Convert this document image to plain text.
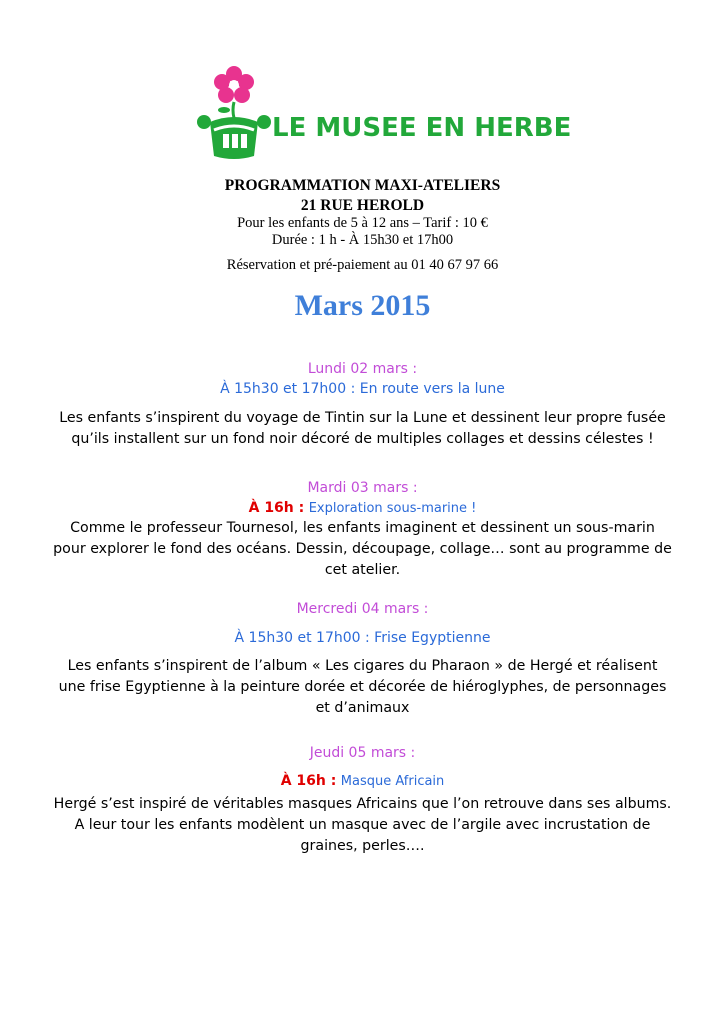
LE MUSEE EN HERBE
PROGRAMMATION MAXI-ATELIERS
21 RUE HEROLD
Pour les enfants de 5 à 12 ans – Tarif : 10 €
Durée : 1 h - À 15h30 et 17h00
Réservation et pré-paiement au 01 40 67 97 66
Mars 2015
Lundi 02 mars :
À 15h30 et 17h00 : En route vers la lune
Les enfants s’inspirent du voyage de Tintin sur la Lune et dessinent leur propre fusée
qu’ils installent sur un fond noir décoré de multiples collages et dessins célestes !
Mardi 03 mars :
À 16h : Exploration sous-marine !
Comme le professeur Tournesol, les enfants imaginent et dessinent un sous-marin
pour explorer le fond des océans. Dessin, découpage, collage… sont au programme de
cet atelier.
Mercredi 04 mars :
À 15h30 et 17h00 : Frise Egyptienne
Les enfants s’inspirent de l’album « Les cigares du Pharaon » de Hergé et réalisent
une frise Egyptienne à la peinture dorée et décorée de hiéroglyphes, de personnages
et d’animaux
Jeudi 05 mars :
À 16h : Masque Africain
Hergé s’est inspiré de véritables masques Africains que l’on retrouve dans ses albums.
A leur tour les enfants modèlent un masque avec de l’argile avec incrustation de
graines, perles….
